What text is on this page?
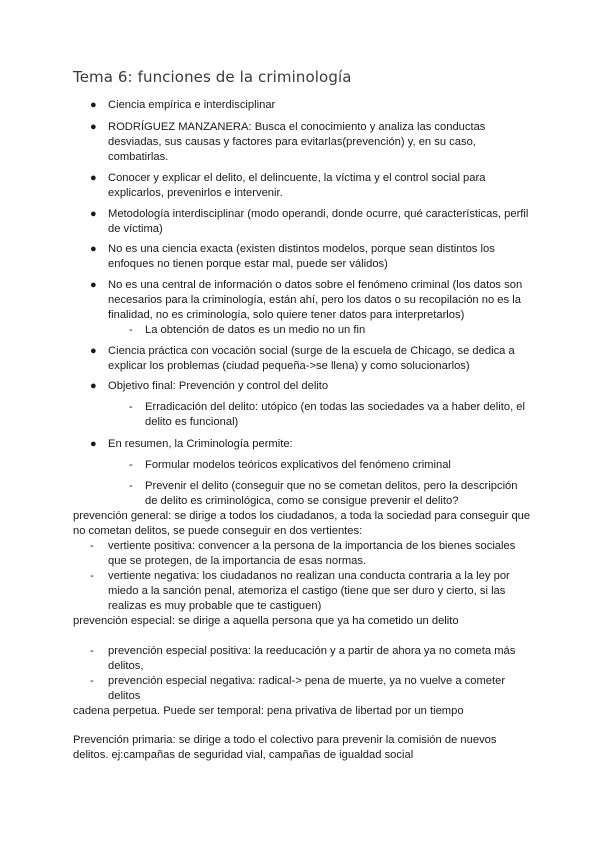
Tema 6: funciones de la criminología
● Ciencia empírica e interdisciplinar
● RODRÍGUEZ MANZANERA: Busca el conocimiento y analiza las conductas
desviadas, sus causas y factores para evitarlas(prevención) y, en su caso,
combatirlas.
● Conocer y explicar el delito, el delincuente, la víctima y el control social para
explicarlos, prevenirlos e intervenir.
● Metodología interdisciplinar (modo operandi, donde ocurre, qué características, perfil
de víctima)
● No es una ciencia exacta (existen distintos modelos, porque sean distintos los
enfoques no tienen porque estar mal, puede ser válidos)
● No es una central de información o datos sobre el fenómeno criminal (los datos son
necesarios para la criminología, están ahí, pero los datos o su recopilación no es la
finalidad, no es criminología, solo quiere tener datos para interpretarlos)
- La obtención de datos es un medio no un fin
● Ciencia práctica con vocación social (surge de la escuela de Chicago, se dedica a
explicar los problemas (ciudad pequeña->se llena) y como solucionarlos)
● Objetivo final: Prevención y control del delito
- Erradicación del delito: utópico (en todas las sociedades va a haber delito, el
delito es funcional)
● En resumen, la Criminología permite:
- Formular modelos teóricos explicativos del fenómeno criminal
- Prevenir el delito (conseguir que no se cometan delitos, pero la descripción
de delito es criminológica, como se consigue prevenir el delito?
prevención general: se dirige a todos los ciudadanos, a toda la sociedad para conseguir que
no cometan delitos, se puede conseguir en dos vertientes:
- vertiente positiva: convencer a la persona de la importancia de los bienes sociales
que se protegen, de la importancia de esas normas.
- vertiente negativa: los ciudadanos no realizan una conducta contraria a la ley por
miedo a la sanción penal, atemoriza el castigo (tiene que ser duro y cierto, si las
realizas es muy probable que te castiguen)
prevención especial: se dirige a aquella persona que ya ha cometido un delito
- prevención especial positiva: la reeducación y a partir de ahora ya no cometa más
delitos,
- prevención especial negativa: radical-> pena de muerte, ya no vuelve a cometer
delitos
cadena perpetua. Puede ser temporal: pena privativa de libertad por un tiempo
Prevención primaria: se dirige a todo el colectivo para prevenir la comisión de nuevos
delitos. ej:campañas de seguridad vial, campañas de igualdad social
